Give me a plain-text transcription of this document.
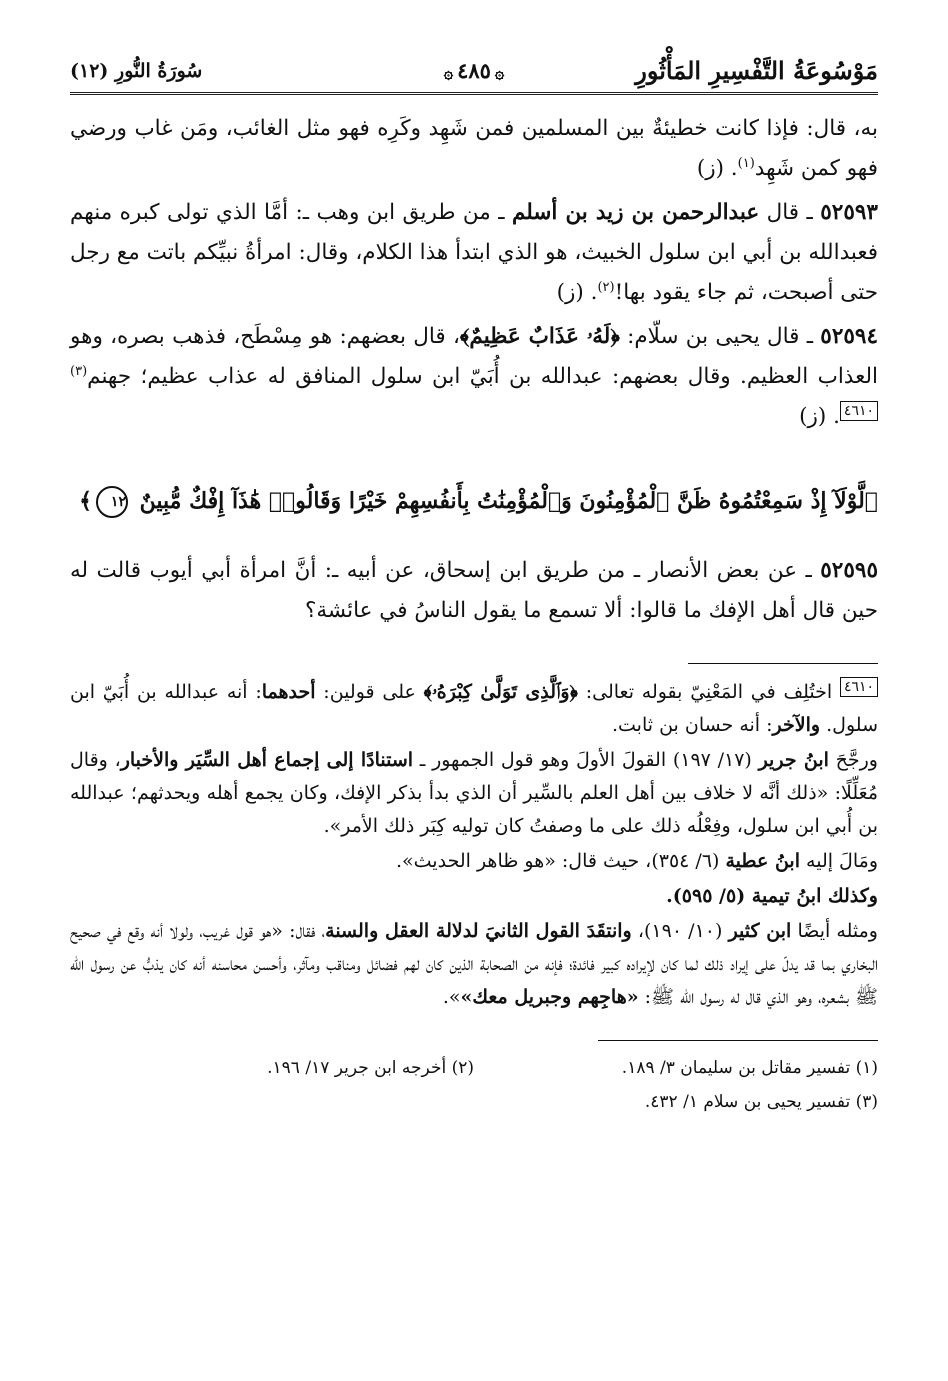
مَوْسُوعَةُ التَّفْسِيرِ المَأْثُورِ
۞٤٨٥۞
سُورَةُ النُّورِ (١٢)

به، قال: فإذا كانت خطيئةٌ بين المسلمين فمن شَهِد وكَرِه فهو مثل الغائب، ومَن غاب ورضي فهو كمن شَهِد$^{(١)}$. (ز)

٥٢٥٩٣ ـ قال عبدالرحمن بن زيد بن أسلم ـ من طريق ابن وهب ـ: أمَّا الذي تولى كبره منهم فعبدالله بن أبي ابن سلول الخبيث، هو الذي ابتدأ هذا الكلام، وقال: امرأةُ نبيِّكم باتت مع رجل حتى أصبحت، ثم جاء يقود بها!$^{(٢)}$. (ز)

٥٢٥٩٤ ـ قال يحيى بن سلّام: ﴿لَهُۥ عَذَابٌ عَظِيمٌ﴾، قال بعضهم: هو مِسْطَح، فذهب بصره، وهو العذاب العظيم. وقال بعضهم: عبدالله بن أُبَيّ ابن سلول المنافق له عذاب عظيم؛ جهنم$^{(٣)}$٤٦١٠. (ز)

﴿لَّوْلَآ إِذْ سَمِعْتُمُوهُ ظَنَّ ٱلْمُؤْمِنُونَ وَٱلْمُؤْمِنَٰتُ بِأَنفُسِهِمْ خَيْرًا وَقَالُوا۟ هَٰذَآ إِفْكٌ مُّبِينٌ ١٢﴾

٥٢٥٩٥ ـ عن بعض الأنصار ـ من طريق ابن إسحاق، عن أبيه ـ: أنَّ امرأة أبي أيوب قالت له حين قال أهل الإفك ما قالوا: ألا تسمع ما يقول الناسُ في عائشة؟

٤٦١٠ اختُلِف في المَعْنِيّ بقوله تعالى: ﴿وَٱلَّذِى تَوَلَّىٰ كِبْرَهُۥ﴾ على قولين: أحدهما: أنه عبدالله بن أُبَيّ ابن سلول. والآخر: أنه حسان بن ثابت.

ورجَّحَ ابنُ جرير (١٧/ ١٩٧) القولَ الأولَ وهو قول الجمهور ـ استنادًا إلى إجماع أهل السِّيَر والأخبار، وقال مُعَلِّلًا: «ذلك أنَّه لا خلاف بين أهل العلم بالسِّير أن الذي بدأ بذكر الإفك، وكان يجمع أهله ويحدثهم؛ عبدالله بن أُبي ابن سلول، وفِعْلُه ذلك على ما وصفتُ كان توليه كِبَر ذلك الأمر».

ومَالَ إليه ابنُ عطية (٦/ ٣٥٤)، حيث قال: «هو ظاهر الحديث».

وكذلك ابنُ تيمية (٥/ ٥٩٥).

ومثله أيضًا ابن كثير (١٠/ ١٩٠)، وانتقَدَ القول الثانيَ لدلالة العقل والسنة، فقال: «هو قول غريب، ولولا أنه وقع في صحيح البخاري بما قد يدلّ على إيراد ذلك لما كان لإيراده كبير فائدة؛ فإنه من الصحابة الذين كان لهم فضائل ومناقب ومآثر، وأحسن محاسنه أنه كان يذبُّ عن رسول الله ﷺ بشعره، وهو الذي قال له رسول الله ﷺ: «هاجِهم وجبريل معك»».

(١) تفسير مقاتل بن سليمان ٣/ ١٨٩.
(٢) أخرجه ابن جرير ١٧/ ١٩٦.
(٣) تفسير يحيى بن سلام ١/ ٤٣٢.
